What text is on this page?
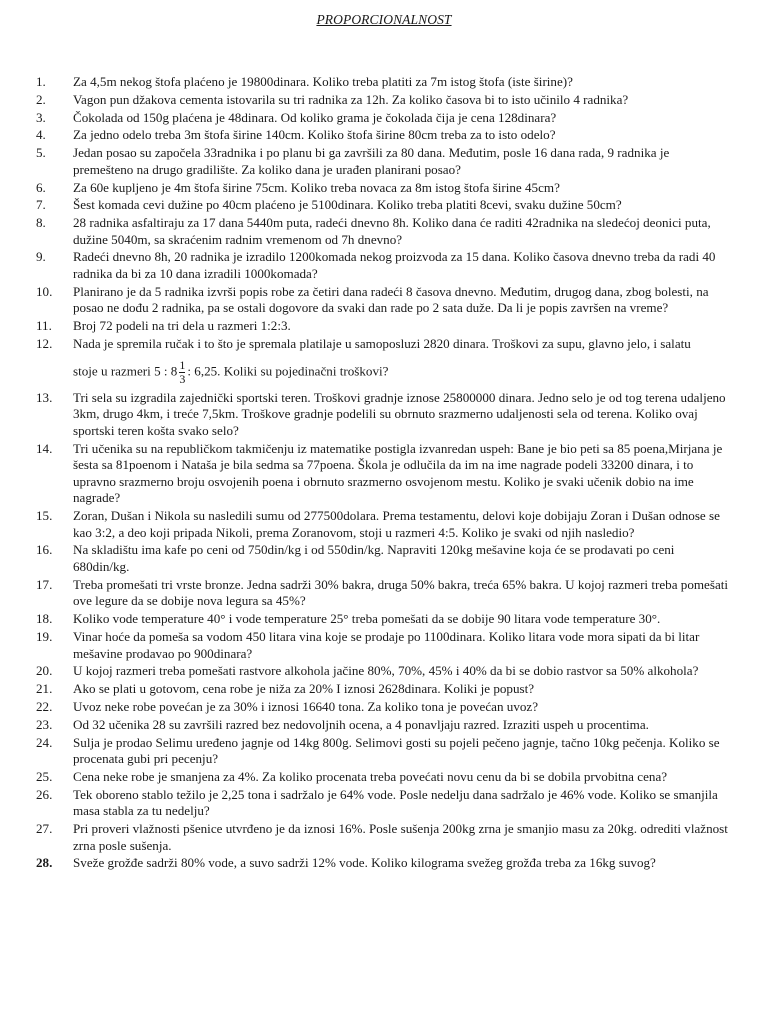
PROPORCIONALNOST
1.	Za 4,5m nekog štofa plaćeno je 19800dinara. Koliko treba platiti za 7m istog štofa (iste širine)?
2.	Vagon pun džakova cementa istovarila su tri radnika za 12h. Za koliko časova bi to isto učinilo 4 radnika?
3.	Čokolada od 150g plaćena je 48dinara. Od koliko grama je čokolada čija je cena 128dinara?
4.	Za jedno odelo treba 3m štofa širine 140cm. Koliko štofa širine 80cm treba za to isto odelo?
5.	Jedan posao su započela 33radnika i po planu bi ga završili za 80 dana. Međutim, posle 16 dana rada, 9 radnika je premešteno na drugo gradilište. Za koliko dana je urađen planirani posao?
6.	Za 60e kupljeno je 4m štofa širine 75cm. Koliko treba novaca za 8m istog štofa širine 45cm?
7.	Šest komada cevi dužine po 40cm plaćeno je 5100dinara. Koliko treba platiti 8cevi, svaku dužine 50cm?
8.	28 radnika asfaltiraju za 17 dana 5440m puta, radeći dnevno 8h. Koliko dana će raditi 42radnika na sledećoj deonici puta, dužine 5040m, sa skraćenim radnim vremenom od 7h dnevno?
9.	Radeći dnevno 8h, 20 radnika je izradilo 1200komada nekog proizvoda za 15 dana. Koliko časova dnevno treba da radi 40 radnika da bi za 10 dana izradili 1000komada?
10.	Planirano je da 5 radnika izvrši popis robe za četiri dana radeći 8 časova dnevno. Međutim, drugog dana, zbog bolesti, na posao ne dođu 2 radnika, pa se ostali dogovore da svaki dan rade po 2 sata duže. Da li je popis završen na vreme?
11.	Broj 72 podeli na tri dela u razmeri 1:2:3.
12.	Nada je spremila ručak i to što je spremala platilaje u samoposluzi 2820 dinara. Troškovi za supu, glavno jelo, i salatu
stoje u razmeri 5 : $8 \frac{1}{3}$ : 6,25. Koliki su pojedinačni troškovi?
13.	Tri sela su izgradila zajednički sportski teren. Troškovi gradnje iznose 25800000 dinara. Jedno selo je od tog terena udaljeno 3km, drugo 4km, i treće 7,5km. Troškove gradnje podelili su obrnuto srazmerno udaljenosti sela od terena. Koliko ovaj sportski teren košta svako selo?
14.	Tri učenika su na republičkom takmičenju iz matematike postigla izvanredan uspeh: Bane je bio peti sa 85 poena,Mirjana je šesta sa 81poenom i Nataša je bila sedma sa 77poena. Škola je odlučila da im na ime nagrade podeli 33200 dinara, i to upravno srazmerno broju osvojenih poena i obrnuto srazmerno osvojenom mestu. Koliko je svaki učenik dobio na ime nagrade?
15.	Zoran, Dušan i Nikola su nasledili sumu od 277500dolara. Prema testamentu, delovi koje dobijaju Zoran i Dušan odnose se kao 3:2, a deo koji pripada Nikoli, prema Zoranovom, stoji u razmeri 4:5. Koliko je svaki od njih nasledio?
16.	Na skladištu ima kafe po ceni od 750din/kg i od 550din/kg. Napraviti 120kg mešavine koja će se prodavati po ceni 680din/kg.
17.	Treba promešati tri vrste bronze. Jedna sadrži 30% bakra, druga 50% bakra, treća 65% bakra. U kojoj razmeri treba pomešati ove legure da se dobije nova legura sa 45%?
18.	Koliko vode temperature 40° i vode temperature 25° treba pomešati da se dobije 90 litara vode temperature 30°.
19.	Vinar hoće da pomeša sa vodom 450 litara vina koje se prodaje po 1100dinara. Koliko litara vode mora sipati da bi litar mešavine prodavao po 900dinara?
20.	U kojoj razmeri treba pomešati rastvore alkohola jačine 80%, 70%, 45% i 40% da bi se dobio rastvor sa 50% alkohola?
21.	Ako se plati u gotovom, cena robe je niža za 20% I iznosi 2628dinara. Koliki je popust?
22.	Uvoz neke robe povećan je za 30% i iznosi 16640 tona. Za koliko tona je povećan uvoz?
23.	Od 32 učenika 28 su završili razred bez nedovoljnih ocena, a 4 ponavljaju razred. Izraziti uspeh u procentima.
24.	Sulja je prodao Selimu uređeno jagnje od 14kg 800g. Selimovi gosti su pojeli pečeno jagnje, tačno 10kg pečenja. Koliko se procenata gubi pri pecenju?
25.	Cena neke robe je smanjena za 4%. Za koliko procenata treba povećati novu cenu da bi se dobila prvobitna cena?
26.	Tek oboreno stablo težilo je 2,25 tona i sadržalo je 64% vode. Posle nedelju dana sadržalo je 46% vode. Koliko se smanjila masa stabla za tu nedelju?
27.	Pri proveri vlažnosti pšenice utvrđeno je da iznosi 16%. Posle sušenja 200kg zrna je smanjio masu za 20kg. odrediti vlažnost zrna posle sušenja.
28.	Sveže grožđe sadrži 80% vode, a suvo sadrži 12% vode. Koliko kilograma svežeg grožđa treba za 16kg suvog?
